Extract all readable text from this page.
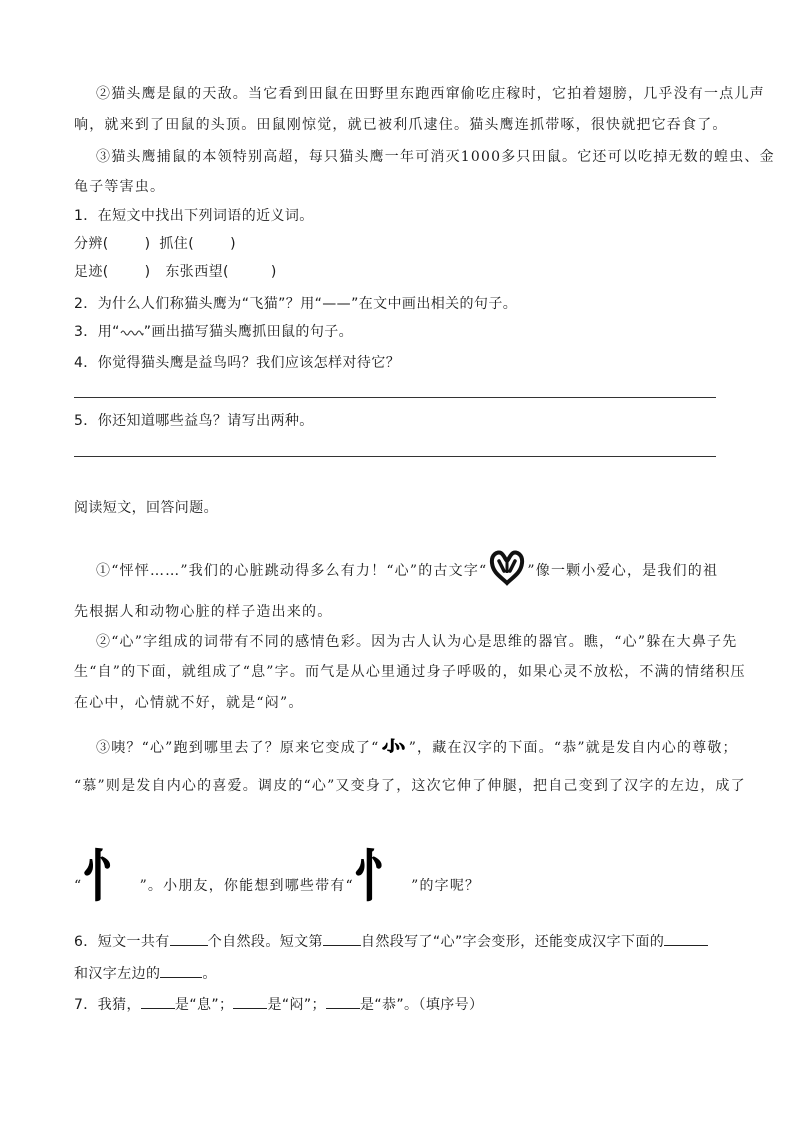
②猫头鹰是鼠的天敌。当它看到田鼠在田野里东跑西窜偷吃庄稼时，它拍着翅膀，几乎没有一点儿声
响，就来到了田鼠的头顶。田鼠刚惊觉，就已被利爪逮住。猫头鹰连抓带啄，很快就把它吞食了。
③猫头鹰捕鼠的本领特别高超，每只猫头鹰一年可消灭1000多只田鼠。它还可以吃掉无数的蝗虫、金
龟子等害虫。
1．在短文中找出下列词语的近义词。
分辨(	) 抓住(	)
足迹(	) 东张西望(	)
2．为什么人们称猫头鹰为“飞猫”？用“——”在文中画出相关的句子。
3．用“ ”画出描写猫头鹰抓田鼠的句子。
4．你觉得猫头鹰是益鸟吗？我们应该怎样对待它？
5．你还知道哪些益鸟？请写出两种。
阅读短文，回答问题。
①“怦怦……”我们的心脏跳动得多么有力！“心”的古文字“	”像一颗小爱心，是我们的祖
先根据人和动物心脏的样子造出来的。
②“心”字组成的词带有不同的感情色彩。因为古人认为心是思维的器官。瞧，“心”躲在大鼻子先
生“自”的下面，就组成了“息”字。而气是从心里通过身子呼吸的，如果心灵不放松，不满的情绪积压
在心中，心情就不好，就是“闷”。
③咦？“心”跑到哪里去了？原来它变成了“⺗”，藏在汉字的下面。“恭”就是发自内心的尊敬；
“慕”则是发自内心的喜爱。调皮的“心”又变身了，这次它伸了伸腿，把自己变到了汉字的左边，成了
“忄”。小朋友，你能想到哪些带有“忄”的字呢？
6．短文一共有	个自然段。短文第	自然段写了“心”字会变形，还能变成汉字下面的
和汉字左边的	。
7．我猜， 是“息”； 是“闷”； 是“恭”。（填序号）
